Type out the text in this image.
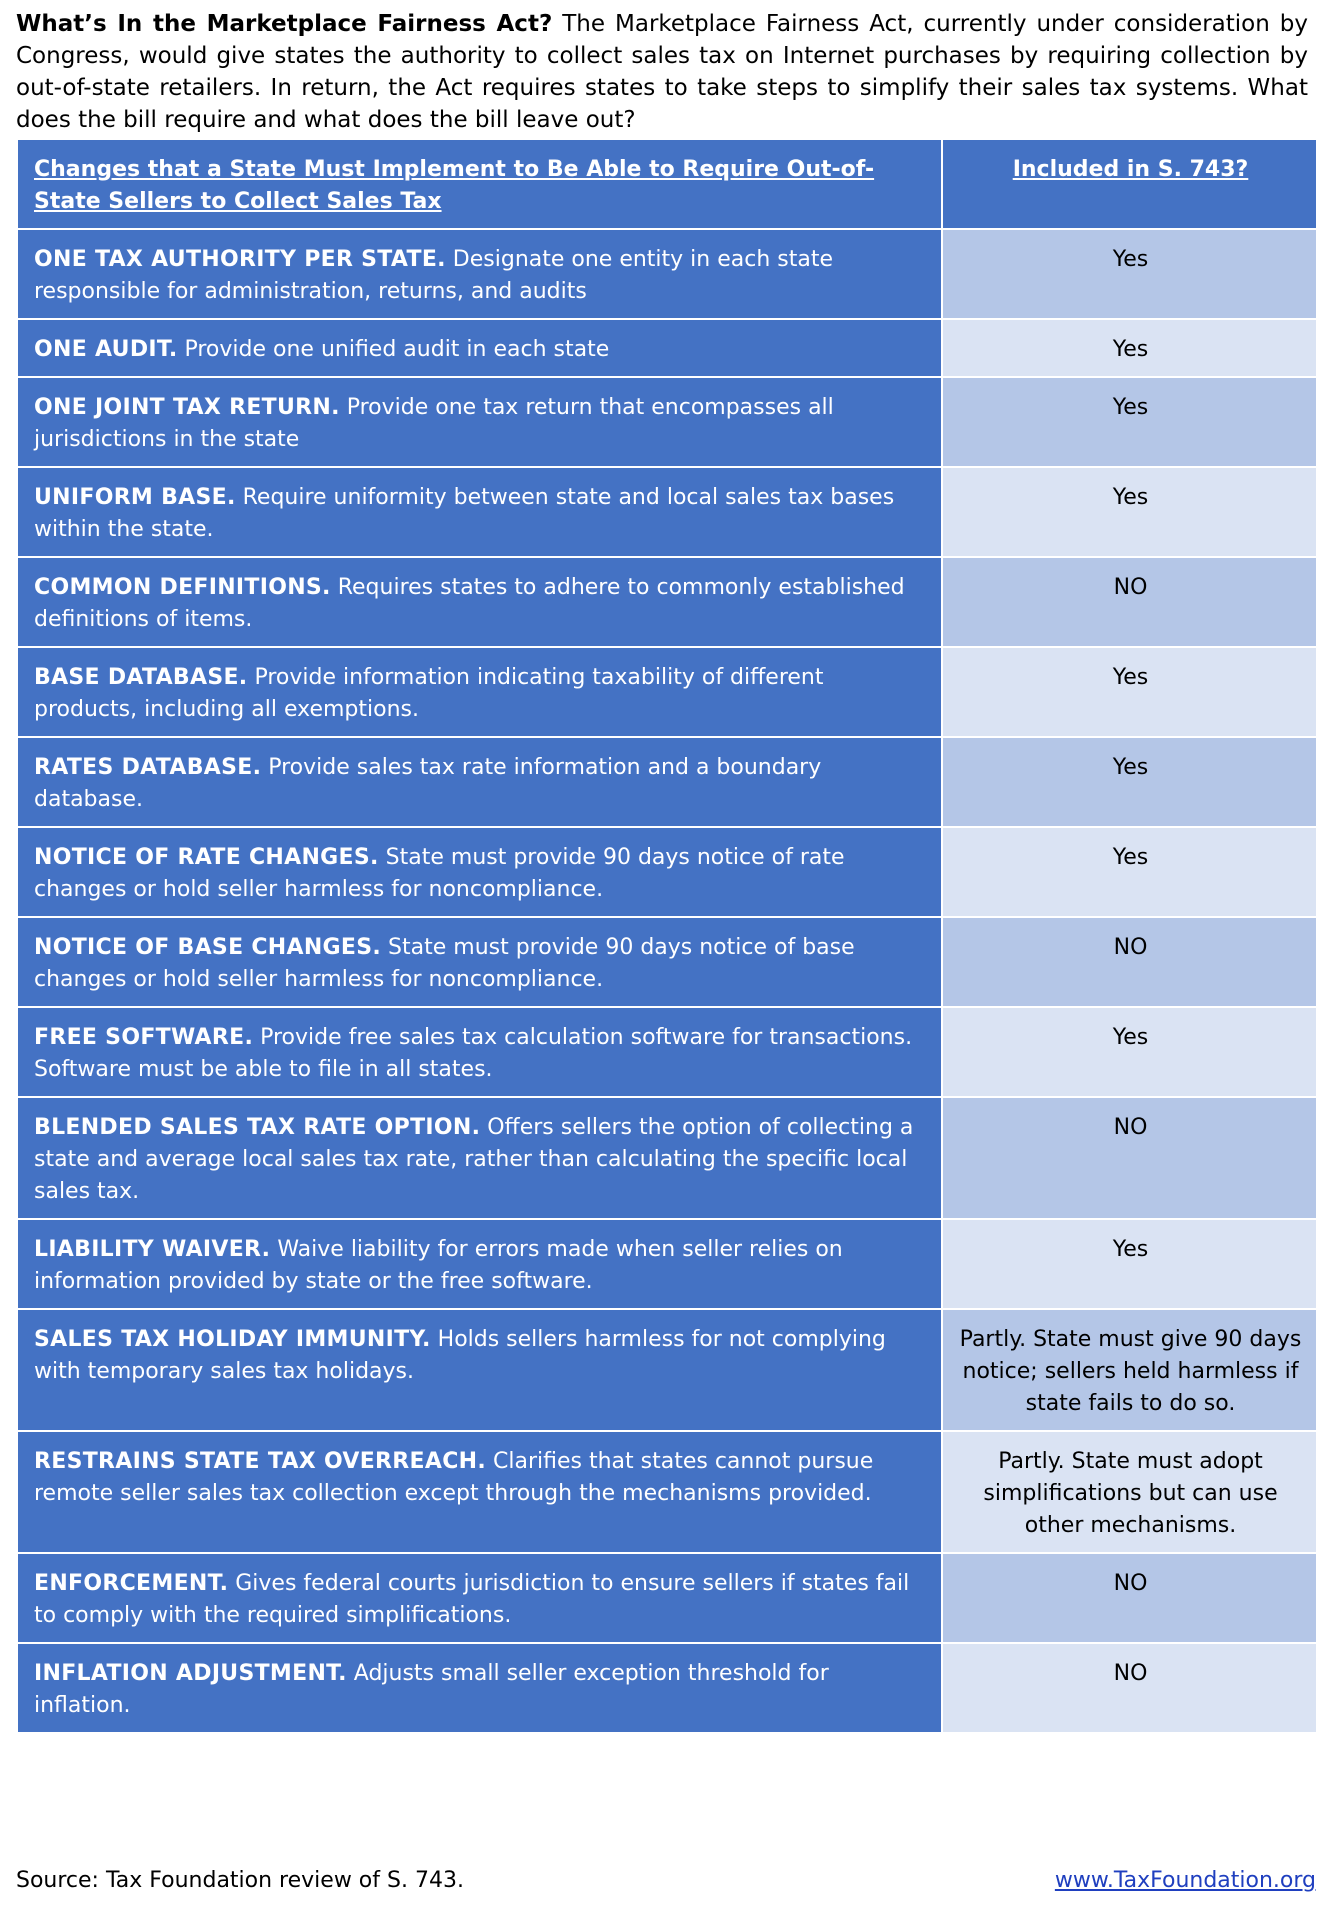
What’s In the Marketplace Fairness Act? The Marketplace Fairness Act, currently under consideration by Congress, would give states the authority to collect sales tax on Internet purchases by requiring collection by out-of-state retailers. In return, the Act requires states to take steps to simplify their sales tax systems. What does the bill require and what does the bill leave out?

Changes that a State Must Implement to Be Able to Require Out-of-State Sellers to Collect Sales Tax	Included in S. 743?
ONE TAX AUTHORITY PER STATE. Designate one entity in each state responsible for administration, returns, and audits	Yes
ONE AUDIT. Provide one unified audit in each state	Yes
ONE JOINT TAX RETURN. Provide one tax return that encompasses all jurisdictions in the state	Yes
UNIFORM BASE. Require uniformity between state and local sales tax bases within the state.	Yes
COMMON DEFINITIONS. Requires states to adhere to commonly established definitions of items.	NO
BASE DATABASE. Provide information indicating taxability of different products, including all exemptions.	Yes
RATES DATABASE. Provide sales tax rate information and a boundary database.	Yes
NOTICE OF RATE CHANGES. State must provide 90 days notice of rate changes or hold seller harmless for noncompliance.	Yes
NOTICE OF BASE CHANGES. State must provide 90 days notice of base changes or hold seller harmless for noncompliance.	NO
FREE SOFTWARE. Provide free sales tax calculation software for transactions. Software must be able to file in all states.	Yes
BLENDED SALES TAX RATE OPTION. Offers sellers the option of collecting a state and average local sales tax rate, rather than calculating the specific local sales tax.	NO
LIABILITY WAIVER. Waive liability for errors made when seller relies on information provided by state or the free software.	Yes
SALES TAX HOLIDAY IMMUNITY. Holds sellers harmless for not complying with temporary sales tax holidays.	Partly. State must give 90 days notice; sellers held harmless if state fails to do so.
RESTRAINS STATE TAX OVERREACH. Clarifies that states cannot pursue remote seller sales tax collection except through the mechanisms provided.	Partly. State must adopt simplifications but can use other mechanisms.
ENFORCEMENT. Gives federal courts jurisdiction to ensure sellers if states fail to comply with the required simplifications.	NO
INFLATION ADJUSTMENT. Adjusts small seller exception threshold for inflation.	NO
Source: Tax Foundation review of S. 743.	www.TaxFoundation.org
